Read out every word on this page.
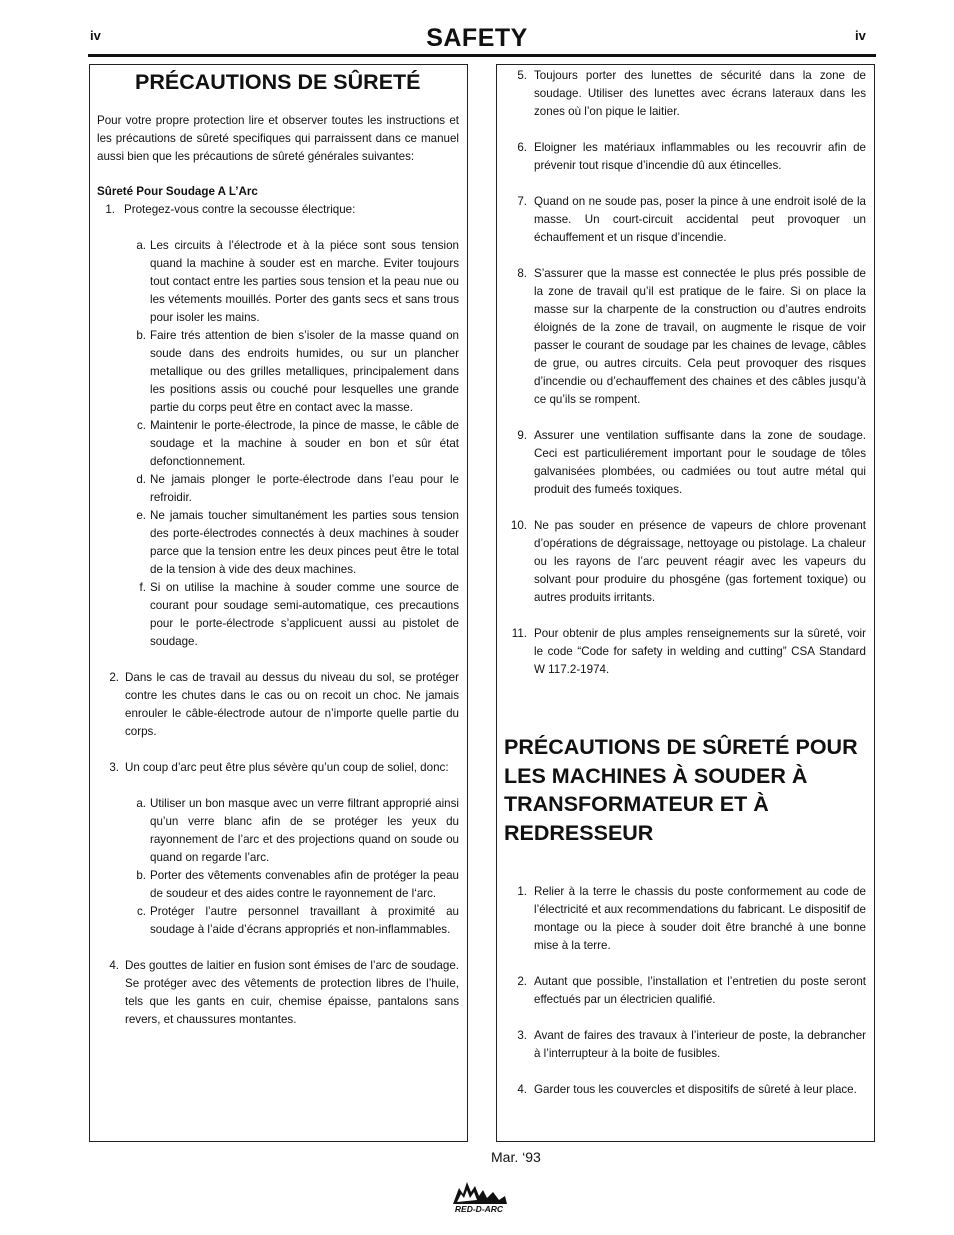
iv	SAFETY	iv
PRÉCAUTIONS DE SÛRETÉ

Pour votre propre protection lire et observer toutes les instructions et les précautions de sûreté specifiques qui parraissent dans ce manuel aussi bien que les précautions de sûreté générales suivantes:

Sûreté Pour Soudage A L’Arc
1. Protegez-vous contre la secousse électrique:
a. Les circuits à l’électrode et à la piéce sont sous tension quand la machine à souder est en marche. Eviter toujours tout contact entre les parties sous tension et la peau nue ou les vétements mouillés. Porter des gants secs et sans trous pour isoler les mains.
b. Faire trés attention de bien s’isoler de la masse quand on soude dans des endroits humides, ou sur un plancher metallique ou des grilles metalliques, principalement dans les positions assis ou couché pour lesquelles une grande partie du corps peut être en contact avec la masse.
c. Maintenir le porte-électrode, la pince de masse, le câble de soudage et la machine à souder en bon et sûr état defonctionnement.
d. Ne jamais plonger le porte-électrode dans l’eau pour le refroidir.
e. Ne jamais toucher simultanément les parties sous tension des porte-électrodes connectés à deux machines à souder parce que la tension entre les deux pinces peut être le total de la tension à vide des deux machines.
f. Si on utilise la machine à souder comme une source de courant pour soudage semi-automatique, ces precautions pour le porte-électrode s’applicuent aussi au pistolet de soudage.
2. Dans le cas de travail au dessus du niveau du sol, se protéger contre les chutes dans le cas ou on recoit un choc. Ne jamais enrouler le câble-électrode autour de n’importe quelle partie du corps.
3. Un coup d’arc peut être plus sévère qu’un coup de soliel, donc:
a. Utiliser un bon masque avec un verre filtrant approprié ainsi qu’un verre blanc afin de se protéger les yeux du rayonnement de l’arc et des projections quand on soude ou quand on regarde l’arc.
b. Porter des vêtements convenables afin de protéger la peau de soudeur et des aides contre le rayonnement de l‘arc.
c. Protéger l’autre personnel travaillant à proximité au soudage à l’aide d’écrans appropriés et non-inflammables.
4. Des gouttes de laitier en fusion sont émises de l’arc de soudage. Se protéger avec des vêtements de protection libres de l’huile, tels que les gants en cuir, chemise épaisse, pantalons sans revers, et chaussures montantes.
5. Toujours porter des lunettes de sécurité dans la zone de soudage. Utiliser des lunettes avec écrans lateraux dans les zones où l’on pique le laitier.
6. Eloigner les matériaux inflammables ou les recouvrir afin de prévenir tout risque d’incendie dû aux étincelles.
7. Quand on ne soude pas, poser la pince à une endroit isolé de la masse. Un court-circuit accidental peut provoquer un échauffement et un risque d’incendie.
8. S’assurer que la masse est connectée le plus prés possible de la zone de travail qu’il est pratique de le faire. Si on place la masse sur la charpente de la construction ou d’autres endroits éloignés de la zone de travail, on augmente le risque de voir passer le courant de soudage par les chaines de levage, câbles de grue, ou autres circuits. Cela peut provoquer des risques d’incendie ou d’echauffement des chaines et des câbles jusqu’à ce qu’ils se rompent.
9. Assurer une ventilation suffisante dans la zone de soudage. Ceci est particuliérement important pour le soudage de tôles galvanisées plombées, ou cadmiées ou tout autre métal qui produit des fumeés toxiques.
10. Ne pas souder en présence de vapeurs de chlore provenant d’opérations de dégraissage, nettoyage ou pistolage. La chaleur ou les rayons de l’arc peuvent réagir avec les vapeurs du solvant pour produire du phosgéne (gas fortement toxique) ou autres produits irritants.
11. Pour obtenir de plus amples renseignements sur la sûreté, voir le code “Code for safety in welding and cutting” CSA Standard W 117.2-1974.
PRÉCAUTIONS DE SÛRETÉ POUR LES MACHINES À SOUDER À TRANSFORMATEUR ET À REDRESSEUR
1. Relier à la terre le chassis du poste conformement au code de l’électricité et aux recommendations du fabricant. Le dispositif de montage ou la piece à souder doit être branché à une bonne mise à la terre.
2. Autant que possible, l’installation et l’entretien du poste seront effectués par un électricien qualifié.
3. Avant de faires des travaux à l’interieur de poste, la debrancher à l’interrupteur à la boite de fusibles.
4. Garder tous les couvercles et dispositifs de sûreté à leur place.
Mar. ‘93
RED-D-ARC
